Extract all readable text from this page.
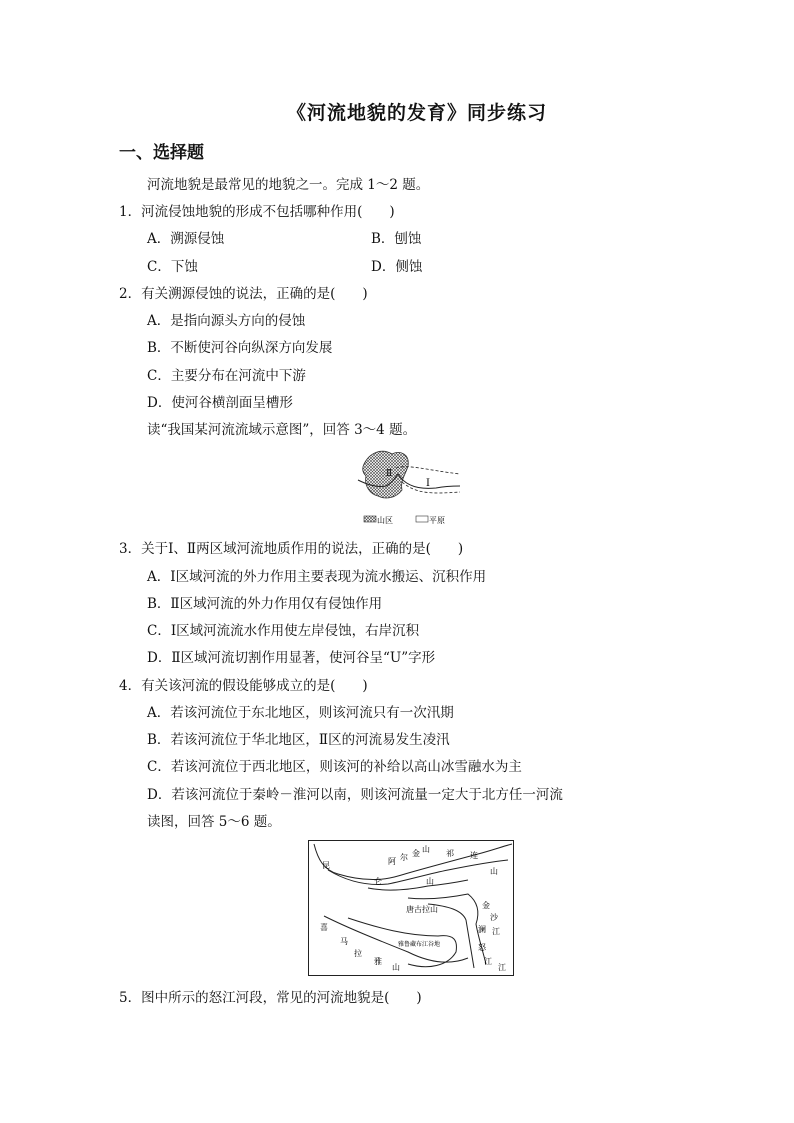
《河流地貌的发育》同步练习
一、选择题
河流地貌是最常见的地貌之一。完成 1～2 题。
1．河流侵蚀地貌的形成不包括哪种作用(　　)
A．溯源侵蚀	B．刨蚀
C．下蚀	D．侧蚀
2．有关溯源侵蚀的说法，正确的是(　　)
A．是指向源头方向的侵蚀
B．不断使河谷向纵深方向发展
C．主要分布在河流中下游
D．使河谷横剖面呈槽形
读“我国某河流流域示意图”，回答 3～4 题。
Ⅱ
Ⅰ
山区	平原
3．关于Ⅰ、Ⅱ两区域河流地质作用的说法，正确的是(　　)
A．Ⅰ区域河流的外力作用主要表现为流水搬运、沉积作用
B．Ⅱ区域河流的外力作用仅有侵蚀作用
C．Ⅰ区域河流流水作用使左岸侵蚀，右岸沉积
D．Ⅱ区域河流切割作用显著，使河谷呈“U”字形
4．有关该河流的假设能够成立的是(　　)
A．若该河流位于东北地区，则该河流只有一次汛期
B．若该河流位于华北地区，Ⅱ区的河流易发生凌汛
C．若该河流位于西北地区，则该河的补给以高山冰雪融水为主
D．若该河流位于秦岭－淮河以南，则该河流量一定大于北方任一河流
读图，回答 5～6 题。
昆	阿 尔 金 山 祁 连
山
仑	山
唐古拉山	金
沙
澜 江
怒
江
江
喜
马
拉
雅
山
雅鲁藏布江谷地
5．图中所示的怒江河段，常见的河流地貌是(　　)
